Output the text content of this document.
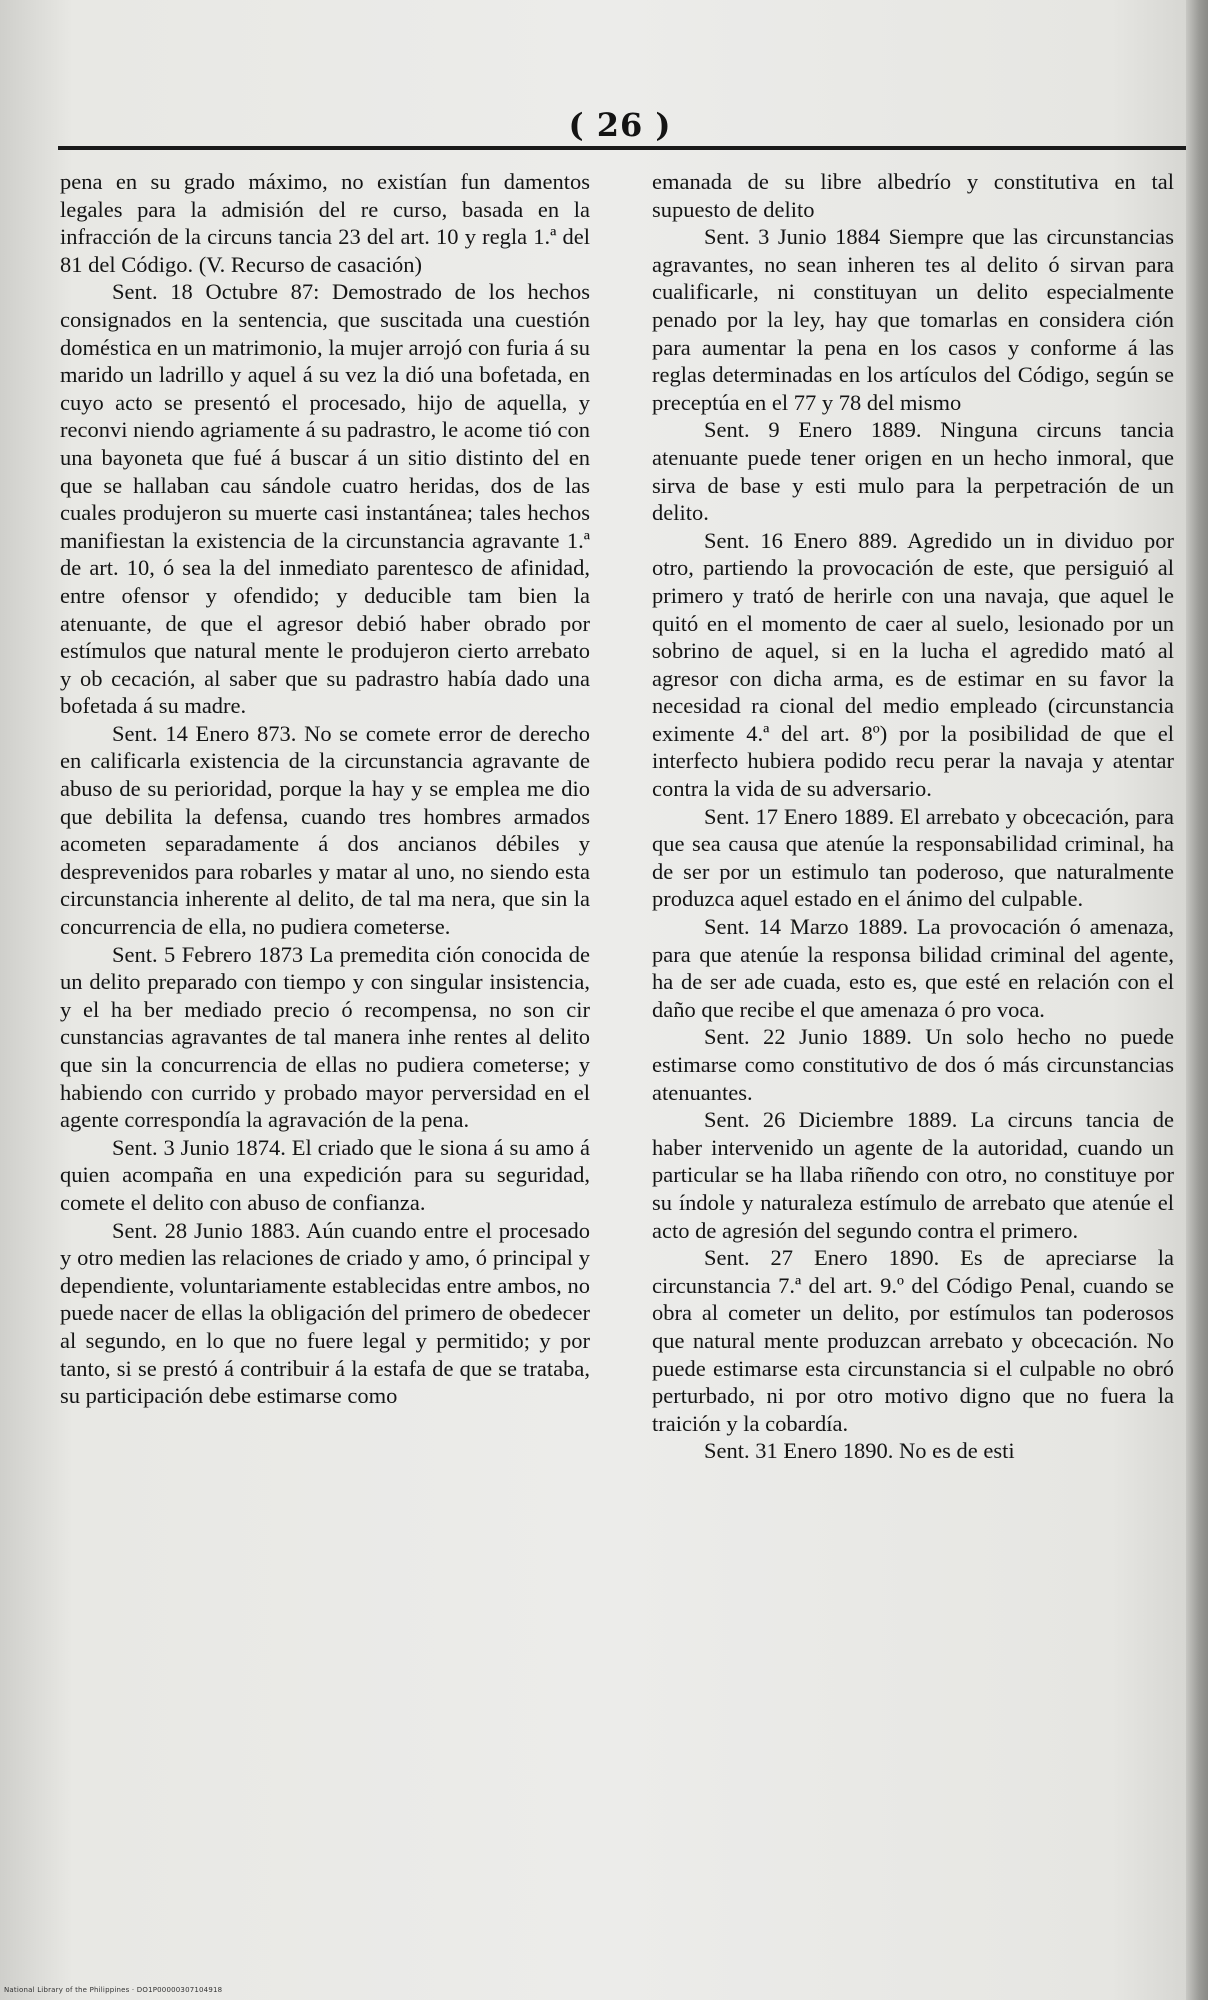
( 26 )

pena en su grado máximo, no existían fun damentos legales para la admisión del re curso, basada en la infracción de la circuns tancia 23 del art. 10 y regla 1.ª del 81 del Código. (V. Recurso de casación)

Sent. 18 Octubre 87: Demostrado de los hechos consignados en la sentencia, que suscitada una cuestión doméstica en un matrimonio, la mujer arrojó con furia á su marido un ladrillo y aquel á su vez la dió una bofetada, en cuyo acto se presentó el procesado, hijo de aquella, y reconvi niendo agriamente á su padrastro, le acome tió con una bayoneta que fué á buscar á un sitio distinto del en que se hallaban cau sándole cuatro heridas, dos de las cuales produjeron su muerte casi instantánea; tales hechos manifiestan la existencia de la circunstancia agravante 1.ª de art. 10, ó sea la del inmediato parentesco de afinidad, entre ofensor y ofendido; y deducible tam bien la atenuante, de que el agresor debió haber obrado por estímulos que natural mente le produjeron cierto arrebato y ob cecación, al saber que su padrastro había dado una bofetada á su madre.

Sent. 14 Enero 873. No se comete error de derecho en calificarla existencia de la circunstancia agravante de abuso de su perioridad, porque la hay y se emplea me dio que debilita la defensa, cuando tres hombres armados acometen separadamente á dos ancianos débiles y desprevenidos para robarles y matar al uno, no siendo esta circunstancia inherente al delito, de tal ma nera, que sin la concurrencia de ella, no pudiera cometerse.

Sent. 5 Febrero 1873 La premedita ción conocida de un delito preparado con tiempo y con singular insistencia, y el ha ber mediado precio ó recompensa, no son cir cunstancias agravantes de tal manera inhe rentes al delito que sin la concurrencia de ellas no pudiera cometerse; y habiendo con currido y probado mayor perversidad en el agente correspondía la agravación de la pena.

Sent. 3 Junio 1874. El criado que le siona á su amo á quien acompaña en una expedición para su seguridad, comete el delito con abuso de confianza.

Sent. 28 Junio 1883. Aún cuando entre el procesado y otro medien las relaciones de criado y amo, ó principal y dependiente, voluntariamente establecidas entre ambos, no puede nacer de ellas la obligación del primero de obedecer al segundo, en lo que no fuere legal y permitido; y por tanto, si se prestó á contribuir á la estafa de que se trataba, su participación debe estimarse como

emanada de su libre albedrío y constitutiva en tal supuesto de delito

Sent. 3 Junio 1884 Siempre que las circunstancias agravantes, no sean inheren tes al delito ó sirvan para cualificarle, ni constituyan un delito especialmente penado por la ley, hay que tomarlas en considera ción para aumentar la pena en los casos y conforme á las reglas determinadas en los artículos del Código, según se preceptúa en el 77 y 78 del mismo

Sent. 9 Enero 1889. Ninguna circuns tancia atenuante puede tener origen en un hecho inmoral, que sirva de base y esti mulo para la perpetración de un delito.

Sent. 16 Enero 889. Agredido un in dividuo por otro, partiendo la provocación de este, que persiguió al primero y trató de herirle con una navaja, que aquel le quitó en el momento de caer al suelo, lesionado por un sobrino de aquel, si en la lucha el agredido mató al agresor con dicha arma, es de estimar en su favor la necesidad ra cional del medio empleado (circunstancia eximente 4.ª del art. 8º) por la posibilidad de que el interfecto hubiera podido recu perar la navaja y atentar contra la vida de su adversario.

Sent. 17 Enero 1889. El arrebato y obcecación, para que sea causa que atenúe la responsabilidad criminal, ha de ser por un estimulo tan poderoso, que naturalmente produzca aquel estado en el ánimo del culpable.

Sent. 14 Marzo 1889. La provocación ó amenaza, para que atenúe la responsa bilidad criminal del agente, ha de ser ade cuada, esto es, que esté en relación con el daño que recibe el que amenaza ó pro voca.

Sent. 22 Junio 1889. Un solo hecho no puede estimarse como constitutivo de dos ó más circunstancias atenuantes.

Sent. 26 Diciembre 1889. La circuns tancia de haber intervenido un agente de la autoridad, cuando un particular se ha llaba riñendo con otro, no constituye por su índole y naturaleza estímulo de arrebato que atenúe el acto de agresión del segundo contra el primero.

Sent. 27 Enero 1890. Es de apreciarse la circunstancia 7.ª del art. 9.º del Código Penal, cuando se obra al cometer un delito, por estímulos tan poderosos que natural mente produzcan arrebato y obcecación. No puede estimarse esta circunstancia si el culpable no obró perturbado, ni por otro motivo digno que no fuera la traición y la cobardía.

Sent. 31 Enero 1890. No es de esti

National Library of the Philippines · DO1P00000307104918
